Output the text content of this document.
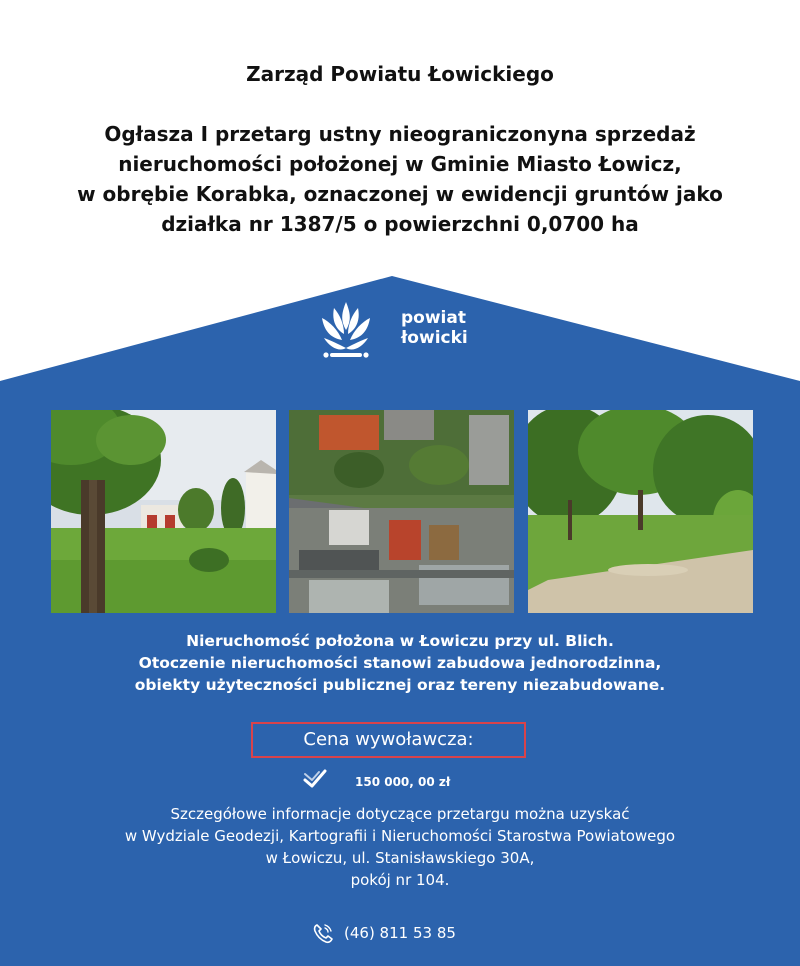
Zarząd Powiatu Łowickiego
Ogłasza I przetarg ustny nieograniczonyna sprzedaż
nieruchomości położonej w Gminie Miasto Łowicz,
w obrębie Korabka, oznaczonej w ewidencji gruntów jako
działka nr 1387/5 o powierzchni 0,0700 ha
powiat
łowicki
Nieruchomość położona w Łowiczu przy ul. Blich.
Otoczenie nieruchomości stanowi zabudowa jednorodzinna,
obiekty użyteczności publicznej oraz tereny niezabudowane.
Cena wywoławcza:
150 000, 00 zł
Szczegółowe informacje dotyczące przetargu można uzyskać
w Wydziale Geodezji, Kartografii i Nieruchomości Starostwa Powiatowego
w Łowiczu, ul. Stanisławskiego 30A,
pokój nr 104.
(46) 811 53 85
